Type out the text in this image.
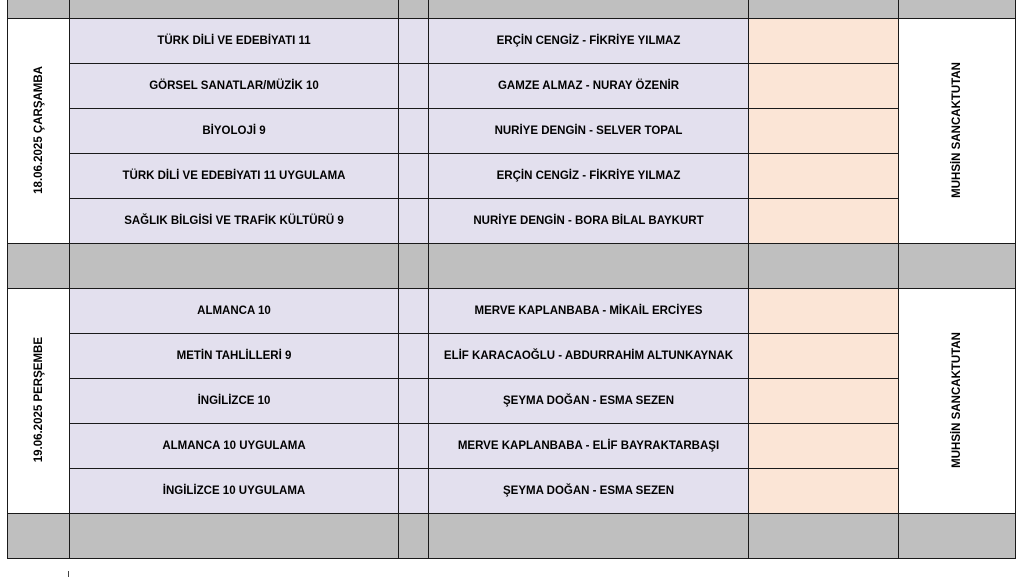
18.06.2025 ÇARŞAMBA	TÜRK DİLİ VE EDEBİYATI 11		ERÇİN CENGİZ - FİKRİYE YILMAZ		MUHSİN SANCAKTUTAN
	GÖRSEL SANATLAR/MÜZİK 10		GAMZE ALMAZ - NURAY ÖZENİR		
	BİYOLOJİ 9		NURİYE DENGİN - SELVER TOPAL		
	TÜRK DİLİ VE EDEBİYATI 11 UYGULAMA		ERÇİN CENGİZ - FİKRİYE YILMAZ		
	SAĞLIK BİLGİSİ VE TRAFİK KÜLTÜRÜ 9		NURİYE DENGİN - BORA BİLAL BAYKURT		

19.06.2025 PERŞEMBE	ALMANCA 10		MERVE KAPLANBABA - MİKAİL ERCİYES		MUHSİN SANCAKTUTAN
	METİN TAHLİLLERİ 9		ELİF KARACAOĞLU - ABDURRAHİM ALTUNKAYNAK		
	İNGİLİZCE 10		ŞEYMA DOĞAN - ESMA SEZEN		
	ALMANCA 10 UYGULAMA		MERVE KAPLANBABA - ELİF BAYRAKTARBAŞI		
	İNGİLİZCE 10 UYGULAMA		ŞEYMA DOĞAN - ESMA SEZEN		
